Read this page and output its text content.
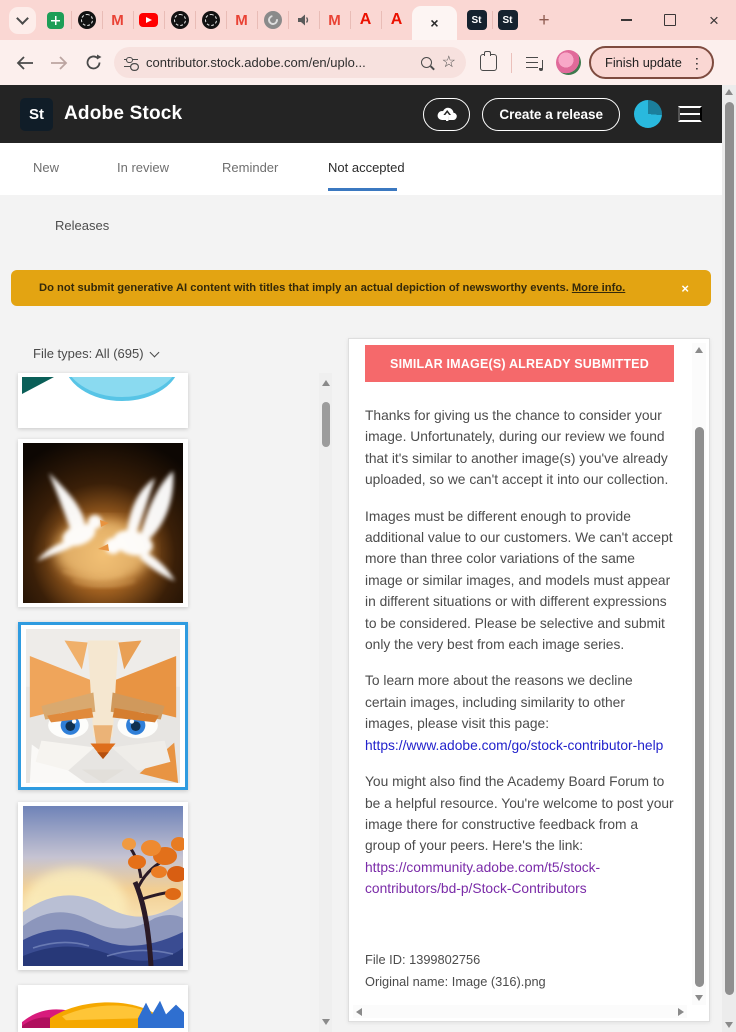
M	M	M A A ×	St	St	+	×
contributor.stock.adobe.com/en/uplo...	☆	Finish update ⋮
St	Adobe Stock	Create a release
New	In review	Reminder	Not accepted
Releases
Do not submit generative AI content with titles that imply an actual depiction of newsworthy events. More info.	×
File types: All (695)
SIMILAR IMAGE(S) ALREADY SUBMITTED

Thanks for giving us the chance to consider your image. Unfortunately, during our review we found that it's similar to another image(s) you've already uploaded, so we can't accept it into our collection.

Images must be different enough to provide additional value to our customers. We can't accept more than three color variations of the same image or similar images, and models must appear in different situations or with different expressions to be considered. Please be selective and submit only the very best from each image series.

To learn more about the reasons we decline certain images, including similarity to other images, please visit this page: https://www.adobe.com/go/stock-contributor-help

You might also find the Academy Board Forum to be a helpful resource. You're welcome to post your image there for constructive feedback from a group of your peers. Here's the link: https://community.adobe.com/t5/stock-contributors/bd-p/Stock-Contributors

File ID: 1399802756
Original name: Image (316).png
